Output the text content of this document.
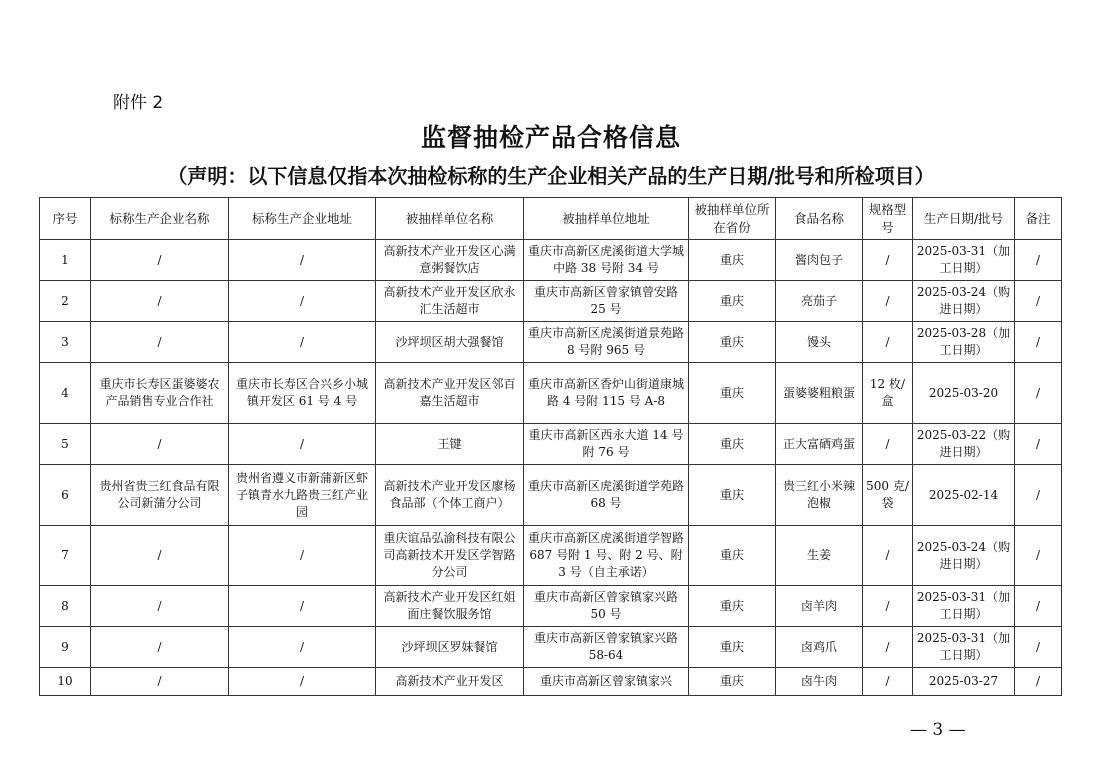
附件 2
监督抽检产品合格信息
（声明：以下信息仅指本次抽检标称的生产企业相关产品的生产日期/批号和所检项目）
序号	标称生产企业名称	标称生产企业地址	被抽样单位名称	被抽样单位地址	被抽样单位所在省份	食品名称	规格型号	生产日期/批号	备注
1	/	/	高新技术产业开发区心满意粥餐饮店	重庆市高新区虎溪街道大学城中路 38 号附 34 号	重庆	酱肉包子	/	2025-03-31（加工日期）	/
2	/	/	高新技术产业开发区欣永汇生活超市	重庆市高新区曾家镇曾安路 25 号	重庆	亮茄子	/	2025-03-24（购进日期）	/
3	/	/	沙坪坝区胡大强餐馆	重庆市高新区虎溪街道景苑路 8 号附 965 号	重庆	馒头	/	2025-03-28（加工日期）	/
4	重庆市长寿区蛋婆婆农产品销售专业合作社	重庆市长寿区合兴乡小城镇开发区 61 号 4 号	高新技术产业开发区邻百嘉生活超市	重庆市高新区香炉山街道康城路 4 号附 115 号 A-8	重庆	蛋婆婆粗粮蛋	12 枚/盒	2025-03-20	/
5	/	/	王键	重庆市高新区西永大道 14 号附 76 号	重庆	正大富硒鸡蛋	/	2025-03-22（购进日期）	/
6	贵州省贵三红食品有限公司新蒲分公司	贵州省遵义市新蒲新区虾子镇青水九路贵三红产业园	高新技术产业开发区廖杨食品部（个体工商户）	重庆市高新区虎溪街道学苑路 68 号	重庆	贵三红小米辣泡椒	500 克/袋	2025-02-14	/
7	/	/	重庆谊品弘渝科技有限公司高新技术开发区学智路分公司	重庆市高新区虎溪街道学智路 687 号附 1 号、附 2 号、附 3 号（自主承诺）	重庆	生姜	/	2025-03-24（购进日期）	/
8	/	/	高新技术产业开发区红姐面庄餐饮服务馆	重庆市高新区曾家镇家兴路 50 号	重庆	卤羊肉	/	2025-03-31（加工日期）	/
9	/	/	沙坪坝区罗妹餐馆	重庆市高新区曾家镇家兴路 58-64	重庆	卤鸡爪	/	2025-03-31（加工日期）	/
10	/	/	高新技术产业开发区	重庆市高新区曾家镇家兴	重庆	卤牛肉	/	2025-03-27	/
— 3 —
